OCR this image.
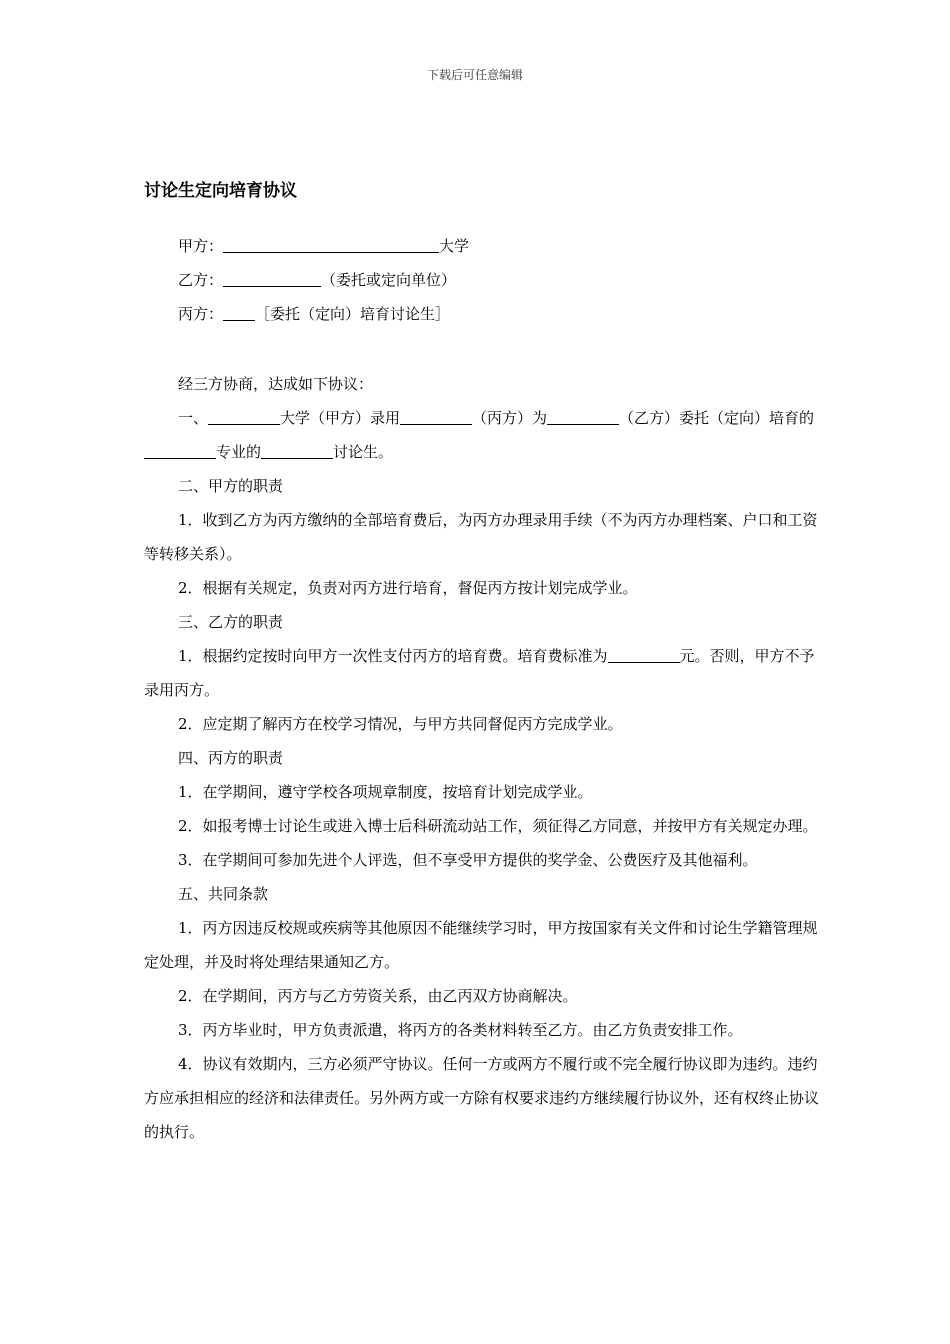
下载后可任意编辑
讨论生定向培育协议

甲方：	大学

乙方：	（委托或定向单位）

丙方： ［委托（定向）培育讨论生］

经三方协商，达成如下协议：

一、	大学（甲方）录用	（丙方）为	（乙方）委托（定向）培育的专业的	讨论生。

二、甲方的职责

1．收到乙方为丙方缴纳的全部培育费后，为丙方办理录用手续（不为丙方办理档案、户口和工资等转移关系）。

2．根据有关规定，负责对丙方进行培育，督促丙方按计划完成学业。

三、乙方的职责

1．根据约定按时向甲方一次性支付丙方的培育费。培育费标准为	元。否则，甲方不予录用丙方。

2．应定期了解丙方在校学习情况，与甲方共同督促丙方完成学业。

四、丙方的职责

1．在学期间，遵守学校各项规章制度，按培育计划完成学业。

2．如报考博士讨论生或进入博士后科研流动站工作，须征得乙方同意，并按甲方有关规定办理。

3．在学期间可参加先进个人评选，但不享受甲方提供的奖学金、公费医疗及其他福利。

五、共同条款

1．丙方因违反校规或疾病等其他原因不能继续学习时，甲方按国家有关文件和讨论生学籍管理规定处理，并及时将处理结果通知乙方。

2．在学期间，丙方与乙方劳资关系，由乙丙双方协商解决。

3．丙方毕业时，甲方负责派遣，将丙方的各类材料转至乙方。由乙方负责安排工作。

4．协议有效期内，三方必须严守协议。任何一方或两方不履行或不完全履行协议即为违约。违约方应承担相应的经济和法律责任。另外两方或一方除有权要求违约方继续履行协议外，还有权终止协议的执行。
